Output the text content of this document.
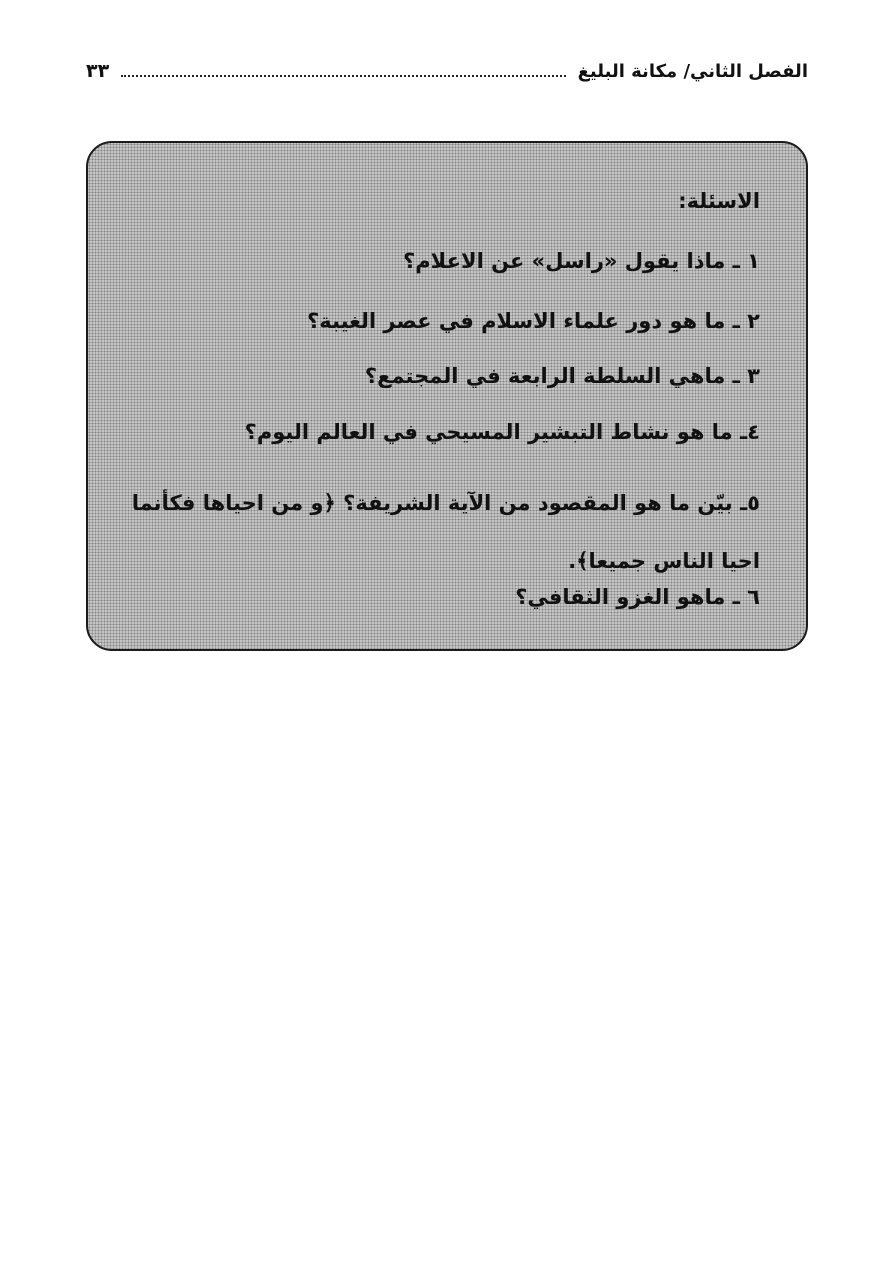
الفصل الثاني/ مكانة البليغ
٣٣
الاسئلة:
١ ـ ماذا يقول «راسل» عن الاعلام؟
٢ ـ ما هو دور علماء الاسلام في عصر الغيبة؟
٣ ـ ماهي السلطة الرابعة في المجتمع؟
٤ـ ما هو نشاط التبشير المسيحي في العالم اليوم؟
٥ـ بيّن ما هو المقصود من الآية الشريفة؟ ﴿و من احياها فكأنما احيا الناس جميعا﴾.
٦ ـ ماهو الغزو الثقافي؟
